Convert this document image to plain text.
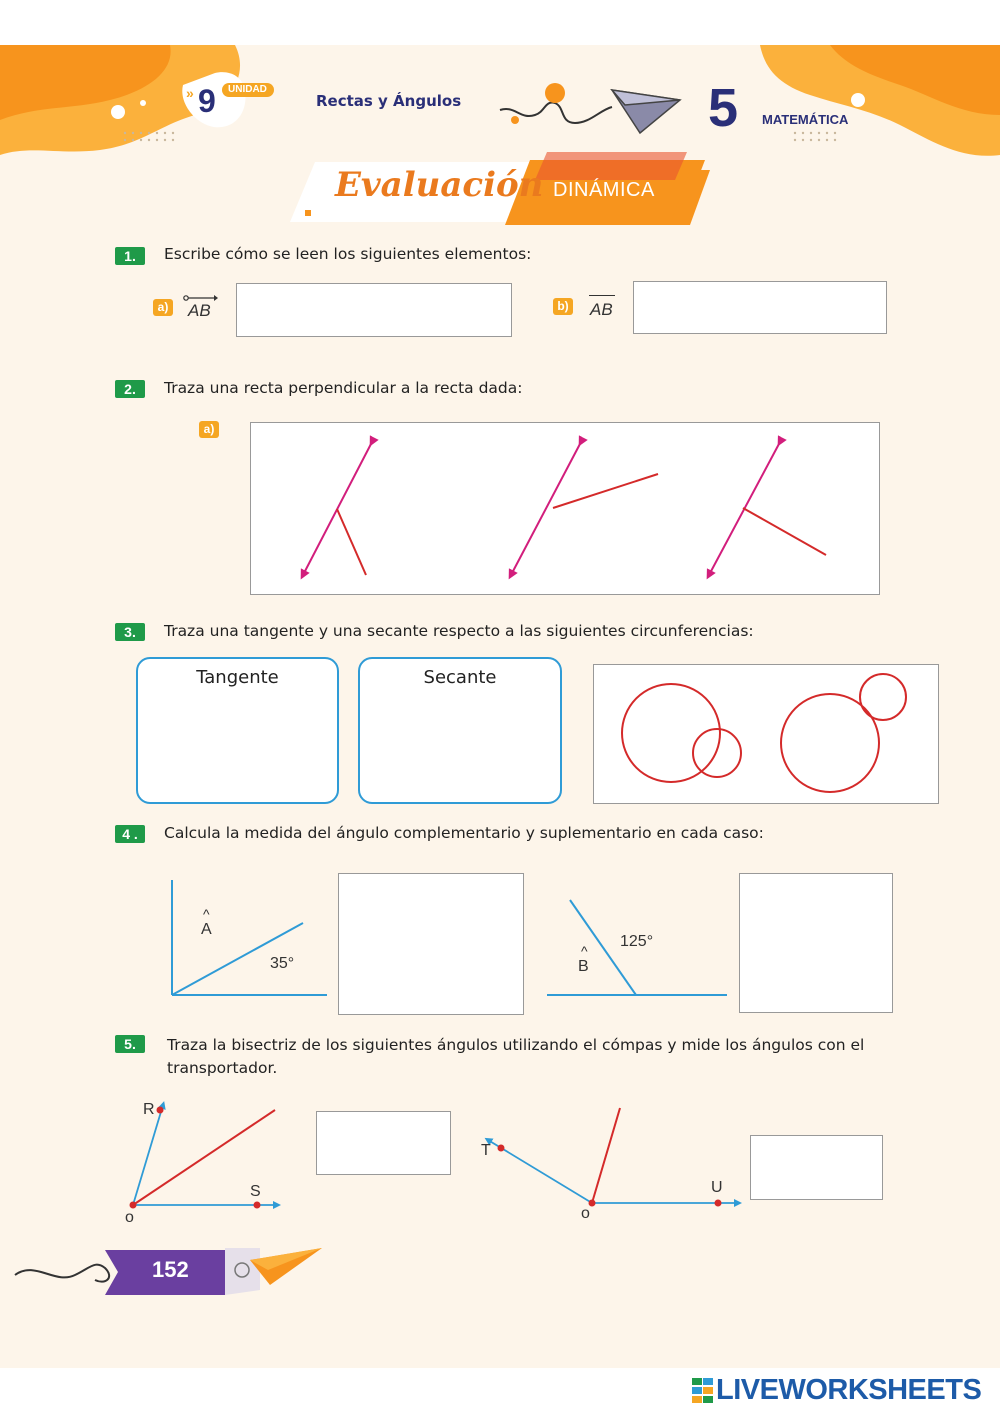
» 9 UNIDAD
Rectas y Ángulos	5 MATEMÁTICA
Evaluación DINÁMICA
1.	Escribe cómo se leen los siguientes elementos:
a) AB	b) AB
2.	Traza una recta perpendicular a la recta dada:
a)
3.	Traza una tangente y una secante respecto a las siguientes circunferencias:
Tangente	Secante
4 .	Calcula la medida del ángulo complementario y suplementario en cada caso:
^
A
35°
^
B
125°
5.	Traza la bisectriz de los siguientes ángulos utilizando el cómpas y mide los ángulos con el transportador.
R
S
o
T
U
o
152
LIVEWORKSHEETS
